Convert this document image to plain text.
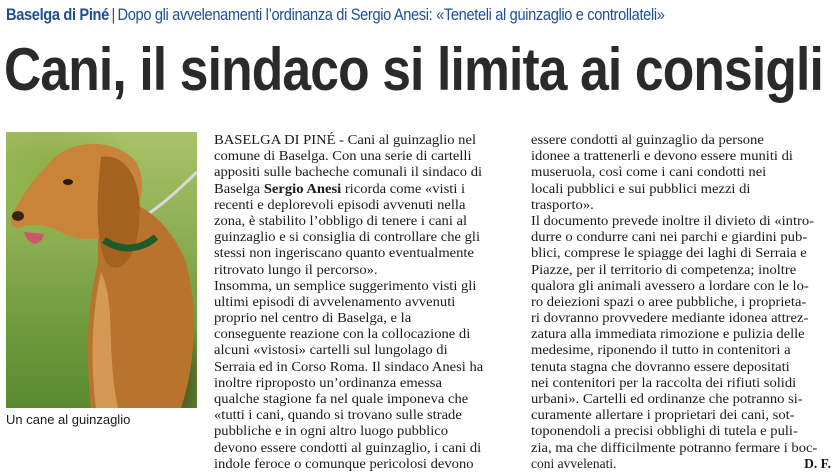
Baselga di Piné | Dopo gli avvelenamenti l’ordinanza di Sergio Anesi: «Teneteli al guinzaglio e controllateli»
Cani, il sindaco si limita ai consigli
Un cane al guinzaglio
BASELGA DI PINÉ - Cani al guinzaglio nel
comune di Baselga. Con una serie di cartelli
appositi sulle bacheche comunali il sindaco di
Baselga Sergio Anesi ricorda come «visti i
recenti e deplorevoli episodi avvenuti nella
zona, è stabilito l’obbligo di tenere i cani al
guinzaglio e si consiglia di controllare che gli
stessi non ingeriscano quanto eventualmente
ritrovato lungo il percorso».
Insomma, un semplice suggerimento visti gli
ultimi episodi di avvelenamento avvenuti
proprio nel centro di Baselga, e la
conseguente reazione con la collocazione di
alcuni «vistosi» cartelli sul lungolago di
Serraia ed in Corso Roma. Il sindaco Anesi ha
inoltre riproposto un’ordinanza emessa
qualche stagione fa nel quale imponeva che
«tutti i cani, quando si trovano sulle strade
pubbliche e in ogni altro luogo pubblico
devono essere condotti al guinzaglio, i cani di
indole feroce o comunque pericolosi devono
essere condotti al guinzaglio da persone
idonee a trattenerli e devono essere muniti di
museruola, così come i cani condotti nei
locali pubblici e sui pubblici mezzi di
trasporto».
Il documento prevede inoltre il divieto di «intro-
durre o condurre cani nei parchi e giardini pub-
blici, comprese le spiagge dei laghi di Serraia e
Piazze, per il territorio di competenza; inoltre
qualora gli animali avessero a lordare con le lo-
ro deiezioni spazi o aree pubbliche, i proprieta-
ri dovranno provvedere mediante idonea attrez-
zatura alla immediata rimozione e pulizia delle
medesime, riponendo il tutto in contenitori a
tenuta stagna che dovranno essere depositati
nei contenitori per la raccolta dei rifiuti solidi
urbani». Cartelli ed ordinanze che potranno si-
curamente allertare i proprietari dei cani, sot-
toponendoli a precisi obblighi di tutela e puli-
zia, ma che difficilmente potranno fermare i boc-
D. F.
coni avvelenati.
